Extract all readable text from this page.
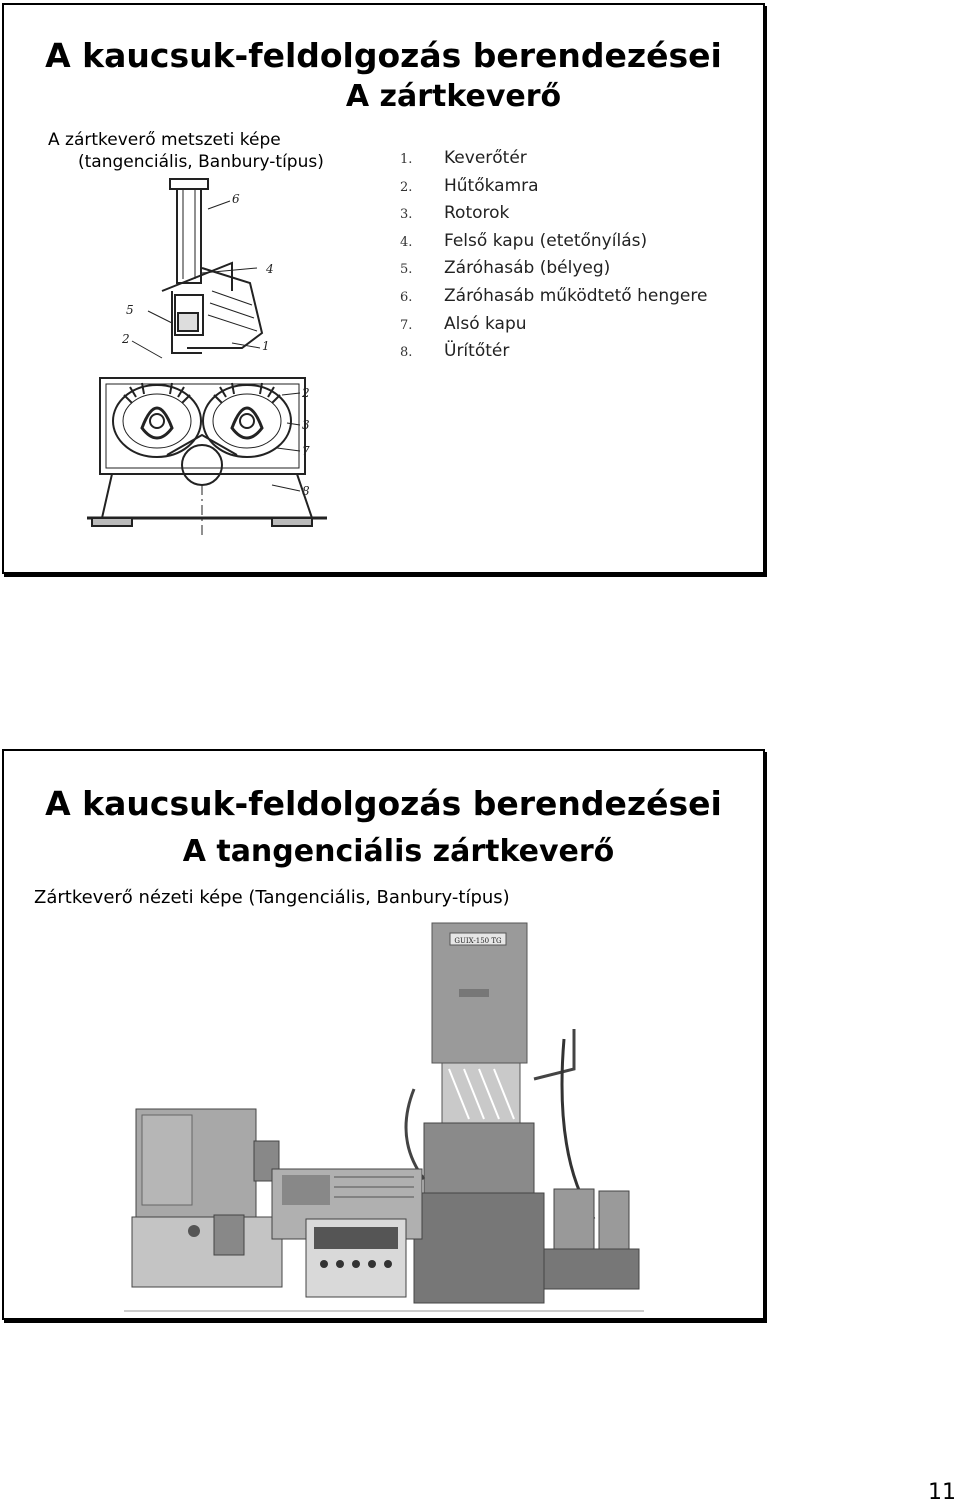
A kaucsuk-feldolgozás berendezései
A zártkeverő
A zártkeverő metszeti képe
(tangenciális, Banbury-típus)
6
4
5
2	1
2
3
7
8
1. Keverőtér
2. Hűtőkamra
3. Rotorok
4. Felső kapu (etetőnyílás)
5. Záróhasáb (bélyeg)
6. Záróhasáb működtető hengere
7. Alsó kapu
8. Ürítőtér
A kaucsuk-feldolgozás berendezései
A tangenciális zártkeverő
Zártkeverő nézeti képe (Tangenciális, Banbury-típus)
GUIX-150 TG
11
